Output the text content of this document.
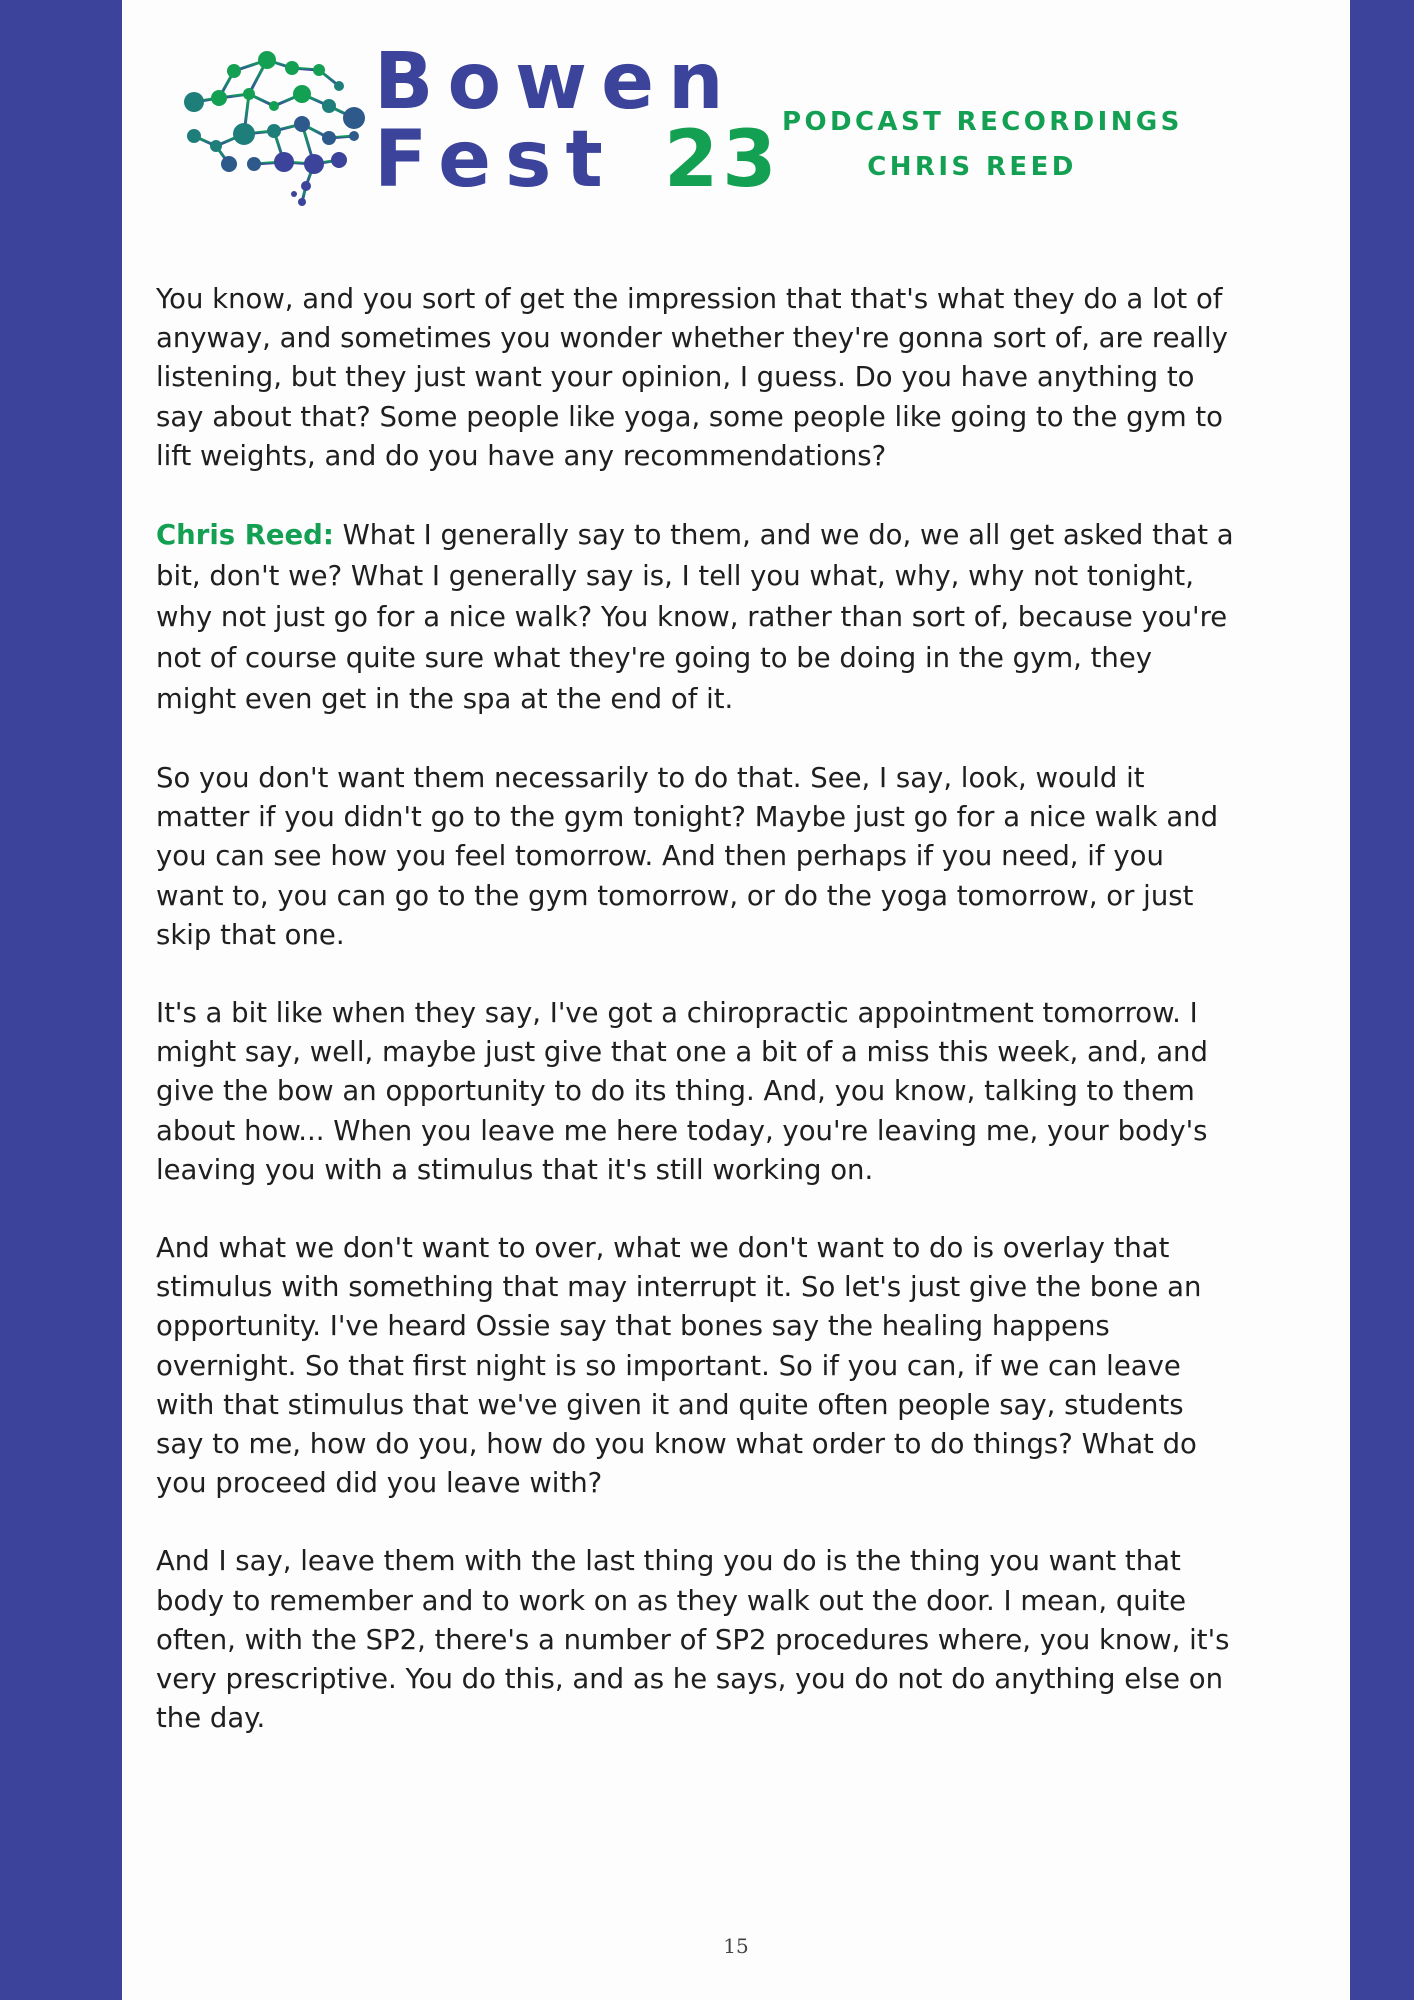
Bowen
Fest 23 PODCAST RECORDINGS
CHRIS REED

You know, and you sort of get the impression that that's what they do a lot of anyway, and sometimes you wonder whether they're gonna sort of, are really listening, but they just want your opinion, I guess. Do you have anything to say about that? Some people like yoga, some people like going to the gym to lift weights, and do you have any recommendations?

Chris Reed: What I generally say to them, and we do, we all get asked that a bit, don't we? What I generally say is, I tell you what, why, why not tonight, why not just go for a nice walk? You know, rather than sort of, because you're not of course quite sure what they're going to be doing in the gym, they might even get in the spa at the end of it.

So you don't want them necessarily to do that. See, I say, look, would it matter if you didn't go to the gym tonight? Maybe just go for a nice walk and you can see how you feel tomorrow. And then perhaps if you need, if you want to, you can go to the gym tomorrow, or do the yoga tomorrow, or just skip that one.

It's a bit like when they say, I've got a chiropractic appointment tomorrow. I might say, well, maybe just give that one a bit of a miss this week, and, and give the bow an opportunity to do its thing. And, you know, talking to them about how... When you leave me here today, you're leaving me, your body's leaving you with a stimulus that it's still working on.

And what we don't want to over, what we don't want to do is overlay that stimulus with something that may interrupt it. So let's just give the bone an opportunity. I've heard Ossie say that bones say the healing happens overnight. So that first night is so important. So if you can, if we can leave with that stimulus that we've given it and quite often people say, students say to me, how do you, how do you know what order to do things? What do you proceed did you leave with?

And I say, leave them with the last thing you do is the thing you want that body to remember and to work on as they walk out the door. I mean, quite often, with the SP2, there's a number of SP2 procedures where, you know, it's very prescriptive. You do this, and as he says, you do not do anything else on the day.

15
